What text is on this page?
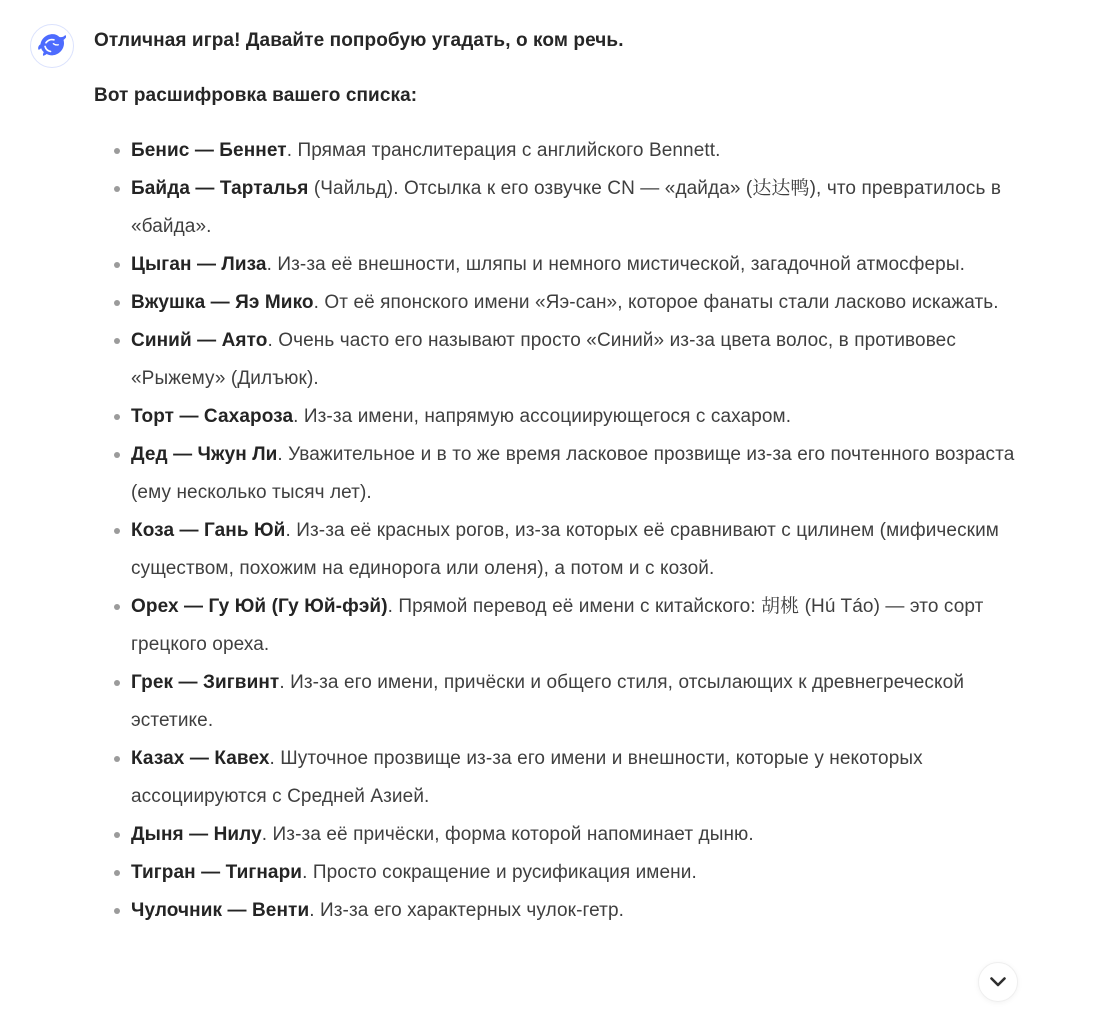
Отличная игра! Давайте попробую угадать, о ком речь.

Вот расшифровка вашего списка:

Бенис — Беннет. Прямая транслитерация с английского Bennett.
Байда — Тарталья (Чайльд). Отсылка к его озвучке CN — «дайда» (达达鸭), что превратилось в «байда».
Цыган — Лиза. Из-за её внешности, шляпы и немного мистической, загадочной атмосферы.
Вжушка — Яэ Мико. От её японского имени «Яэ-сан», которое фанаты стали ласково искажать.
Синий — Аято. Очень часто его называют просто «Синий» из-за цвета волос, в противовес «Рыжему» (Дилъюк).
Торт — Сахароза. Из-за имени, напрямую ассоциирующегося с сахаром.
Дед — Чжун Ли. Уважительное и в то же время ласковое прозвище из-за его почтенного возраста (ему несколько тысяч лет).
Коза — Гань Юй. Из-за её красных рогов, из-за которых её сравнивают с цилинем (мифическим существом, похожим на единорога или оленя), а потом и с козой.
Орех — Гу Юй (Гу Юй-фэй). Прямой перевод её имени с китайского: 胡桃 (Hú Táo) — это сорт грецкого ореха.
Грек — Зигвинт. Из-за его имени, причёски и общего стиля, отсылающих к древнегреческой эстетике.
Казах — Кавех. Шуточное прозвище из-за его имени и внешности, которые у некоторых ассоциируются с Средней Азией.
Дыня — Нилу. Из-за её причёски, форма которой напоминает дыню.
Тигран — Тигнари. Просто сокращение и русификация имени.
Чулочник — Венти. Из-за его характерных чулок-гетр.
